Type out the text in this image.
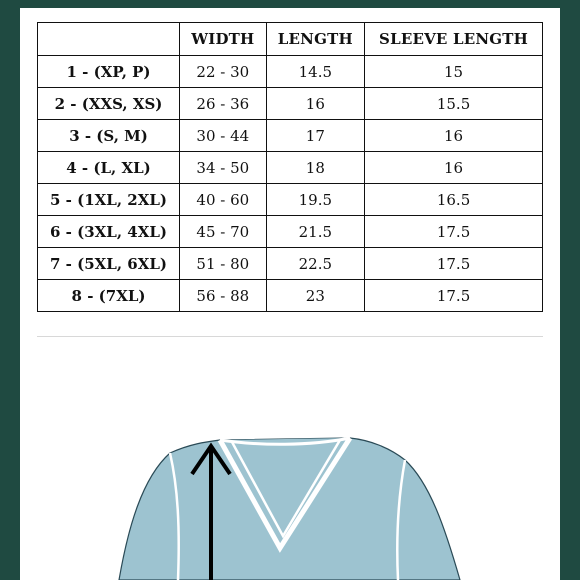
	WIDTH	LENGTH	SLEEVE LENGTH
1 - (XP, P)	22 - 30	14.5	15
2 - (XXS, XS)	26 - 36	16	15.5
3 - (S, M)	30 - 44	17	16
4 - (L, XL)	34 - 50	18	16
5 - (1XL, 2XL)	40 - 60	19.5	16.5
6 - (3XL, 4XL)	45 - 70	21.5	17.5
7 - (5XL, 6XL)	51 - 80	22.5	17.5
8 - (7XL)	56 - 88	23	17.5
